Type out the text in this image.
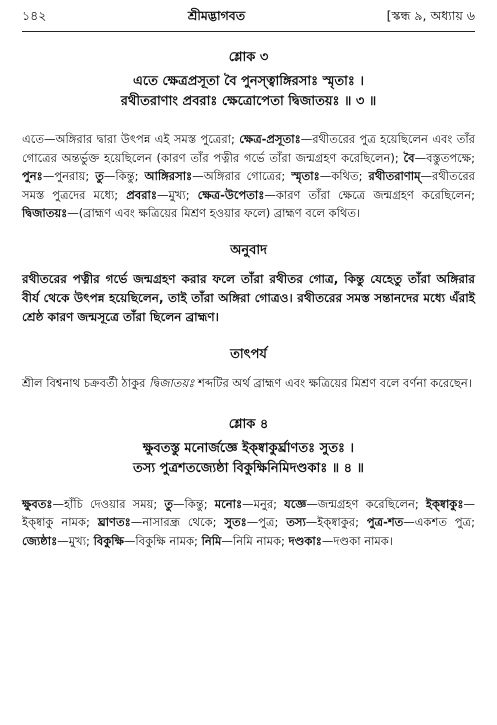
১৪২	শ্রীমদ্ভাগবত	[স্কন্ধ ৯, অধ্যায় ৬
শ্লোক ৩
এতে ক্ষেত্রপ্রসূতা বৈ পুনস্ত্বাঙ্গিরসাঃ স্মৃতাঃ ।
রথীতরাণাং প্রবরাঃ ক্ষেত্রোপেতা দ্বিজাতয়ঃ ॥ ৩ ॥
এতে—অঙ্গিরার দ্বারা উৎপন্ন এই সমস্ত পুত্রেরা; ক্ষেত্র-প্রসূতাঃ—রথীতরের পুত্র হয়েছিলেন এবং তাঁর গোত্রের অন্তর্ভুক্ত হয়েছিলেন (কারণ তাঁর পত্নীর গর্ভে তাঁরা জন্মগ্রহণ করেছিলেন); বৈ—বস্তুতপক্ষে; পুনঃ—পুনরায়; তু—কিন্তু; আঙ্গিরসাঃ—অঙ্গিরার গোত্রের; স্মৃতাঃ—কথিত; রথীতরাণাম্—রথীতরের সমস্ত পুত্রদের মধ্যে; প্রবরাঃ—মুখ্য; ক্ষেত্র-উপেতাঃ—কারণ তাঁরা ক্ষেত্রে জন্মগ্রহণ করেছিলেন; দ্বিজাতয়ঃ—(ব্রাহ্মণ এবং ক্ষত্রিয়ের মিশ্রণ হওয়ার ফলে) ব্রাহ্মণ বলে কথিত।
অনুবাদ
রথীতরের পত্নীর গর্ভে জন্মগ্রহণ করার ফলে তাঁরা রথীতর গোত্র, কিন্তু যেহেতু তাঁরা অঙ্গিরার বীর্য থেকে উৎপন্ন হয়েছিলেন, তাই তাঁরা অঙ্গিরা গোত্রও। রথীতরের সমস্ত সন্তানদের মধ্যে এঁরাই শ্রেষ্ঠ কারণ জন্মসূত্রে তাঁরা ছিলেন ব্রাহ্মণ।
তাৎপর্য
শ্রীল বিশ্বনাথ চক্রবর্তী ঠাকুর দ্বিজাতয়ঃ শব্দটির অর্থ ব্রাহ্মণ এবং ক্ষত্রিয়ের মিশ্রণ বলে বর্ণনা করেছেন।
শ্লোক ৪
ক্ষুবতস্তু মনোর্জজ্ঞে ইক্ষ্বাকুর্ঘ্রাণতঃ সুতঃ ।
তস্য পুত্রশতজ্যেষ্ঠা বিকুক্ষিনিমিদণ্ডকাঃ ॥ ৪ ॥
ক্ষুবতঃ—হাঁচি দেওয়ার সময়; তু—কিন্তু; মনোঃ—মনুর; যজ্ঞে—জন্মগ্রহণ করেছিলেন; ইক্ষ্বাকুঃ—ইক্ষ্বাকু নামক; ঘ্রাণতঃ—নাসারন্ধ্র থেকে; সুতঃ—পুত্র; তস্য—ইক্ষ্বাকুর; পুত্র-শত—একশত পুত্র; জ্যেষ্ঠাঃ—মুখ্য; বিকুক্ষি—বিকুক্ষি নামক; নিমি—নিমি নামক; দণ্ডকাঃ—দণ্ডকা নামক।
